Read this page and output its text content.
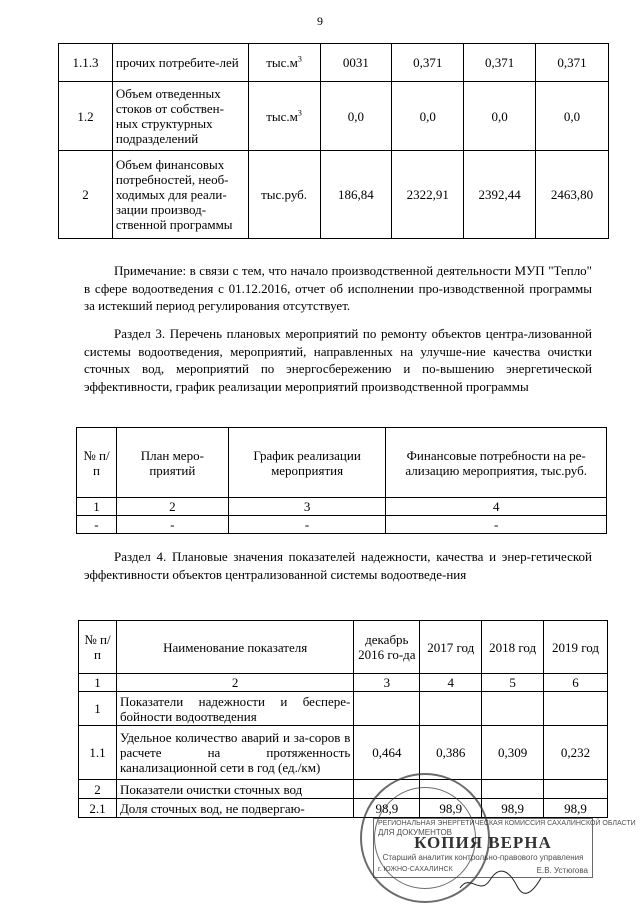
9
1.1.3	прочих потребите-лей	$тыс.м^3$	0031	0,371	0,371	0,371
1.2	Объем отведенных стоков от собствен-ных структурных подразделений	$тыс.м^3$	0,0	0,0	0,0	0,0
2	Объем финансовых потребностей, необ-ходимых для реали-зации производ-ственной программы	тыс.руб.	186,84	2322,91	2392,44	2463,80

Примечание: в связи с тем, что начало производственной деятельности МУП "Тепло" в сфере водоотведения с 01.12.2016, отчет об исполнении про-изводственной программы за истекший период регулирования отсутствует.

Раздел 3. Перечень плановых мероприятий по ремонту объектов центра-лизованной системы водоотведения, мероприятий, направленных на улучше-ние качества очистки сточных вод, мероприятий по энергосбережению и по-вышению энергетической эффективности, график реализации мероприятий производственной программы

№ п/п	План меро-приятий	График реализации мероприятия	Финансовые потребности на ре-ализацию мероприятия, тыс.руб.
1	2	3	4
-	-	-	-

Раздел 4. Плановые значения показателей надежности, качества и энер-гетической эффективности объектов централизованной системы водоотведе-ния

№ п/п	Наименование показателя	декабрь 2016 го-да	2017 год	2018 год	2019 год
1	2	3	4	5	6
1	Показатели надежности и беспере-бойности водоотведения				
1.1	Удельное количество аварий и за-соров в расчете на протяженность канализационной сети в год (ед./км)	0,464	0,386	0,309	0,232
2	Показатели очистки сточных вод				
2.1	Доля сточных вод, не подвергаю-	98,9	98,9	98,9	98,9
РЕГИОНАЛЬНАЯ ЭНЕРГЕТИЧЕСКАЯ КОМИССИЯ САХАЛИНСКОЙ ОБЛАСТИ
ДЛЯ ДОКУМЕНТОВ
КОПИЯ ВЕРНА
Старший аналитик контрольно-правового управления
г. ЮЖНО-САХАЛИНСК	Е.В. Устюгова
